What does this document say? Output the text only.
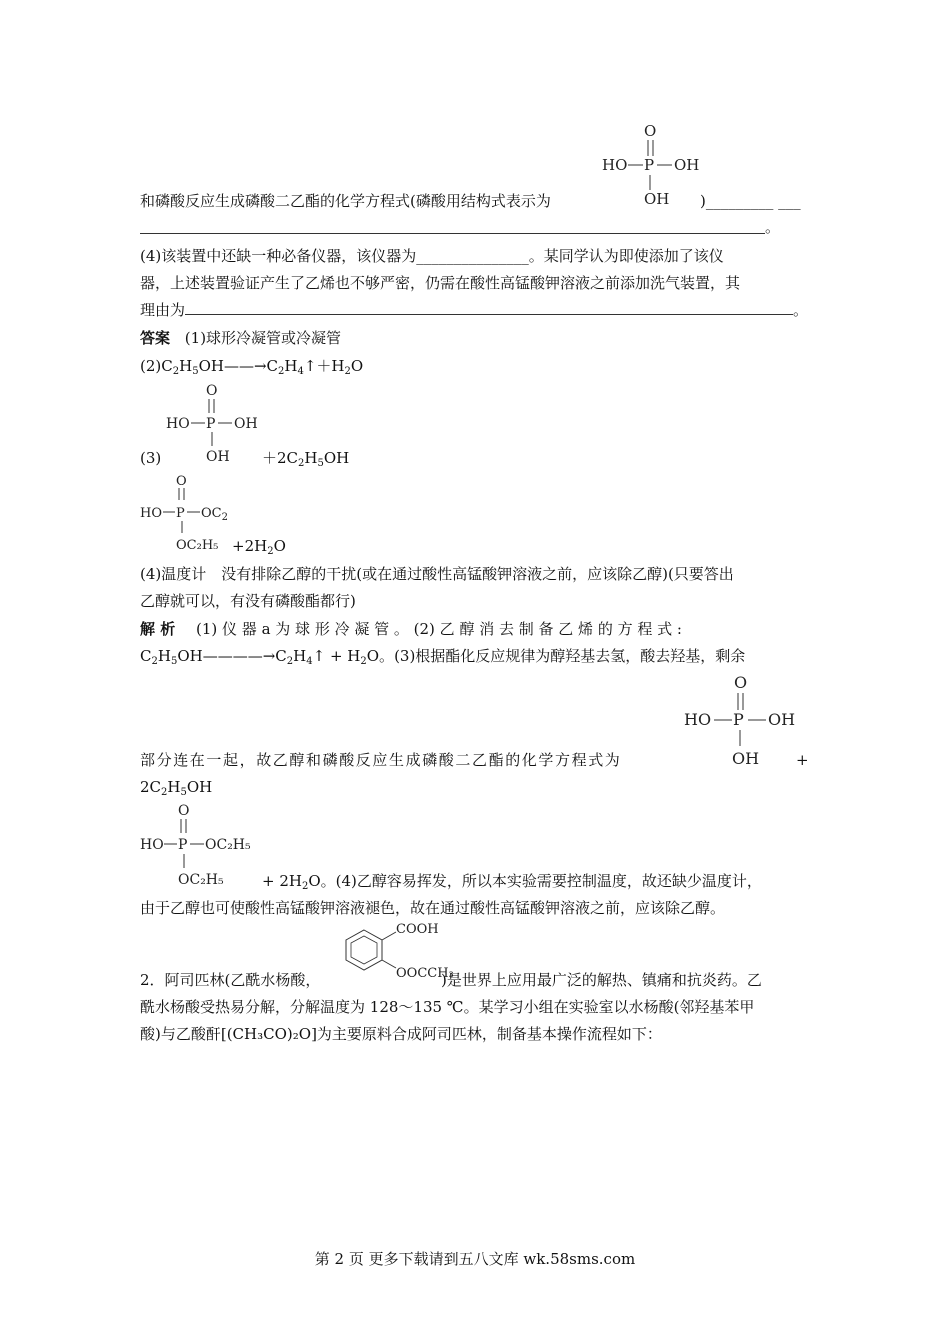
O
HO P OH
OH
和磷酸反应生成磷酸二乙酯的化学方程式(磷酸用结构式表示为	)_________ ___
。
(4)该装置中还缺一种必备仪器，该仪器为_______________。某同学认为即使添加了该仪
器，上述装置验证产生了乙烯也不够严密，仍需在酸性高锰酸钾溶液之前添加洗气装置，其
理由为	。
答案 (1)球形冷凝管或冷凝管
$(2)C_2H_5OH——\to C_2H_4↑+H_2O$
O
HO P OH
OH
(3)	$+2C_2H_5OH$
O
HO P $OC_2$
$OC_2H_5 +2H_2O$
(4)温度计　没有排除乙醇的干扰(或在通过酸性高锰酸钾溶液之前，应该除乙醇)(只要答出
乙醇就可以，有没有磷酸酯都行)
解 析 (1) 仪 器 a 为 球 形 冷 凝 管 。 (2) 乙 醇 消 去 制 备 乙 烯 的 方 程 式 :
$C_2H_5OH————\to C_2H_4↑ + H_2O$。(3)根据酯化反应规律为醇羟基去氢，酸去羟基，剩余
O
HO P OH
OH
部分连在一起，故乙醇和磷酸反应生成磷酸二乙酯的化学方程式为	+
$2C_2H_5OH$
O
HO P OC₂H₅
OC₂H₅	+ $2H_2O$。(4)乙醇容易挥发，所以本实验需要控制温度，故还缺少温度计，
由于乙醇也可使酸性高锰酸钾溶液褪色，故在通过酸性高锰酸钾溶液之前，应该除乙醇。
COOH
OOCCH₃
2．阿司匹林(乙酰水杨酸，	)是世界上应用最广泛的解热、镇痛和抗炎药。乙
酰水杨酸受热易分解，分解温度为 128～135 ℃。某学习小组在实验室以水杨酸(邻羟基苯甲
酸)与乙酸酐[(CH₃CO)₂O]为主要原料合成阿司匹林，制备基本操作流程如下：
第 2 页 更多下载请到五八文库 wk.58sms.com
